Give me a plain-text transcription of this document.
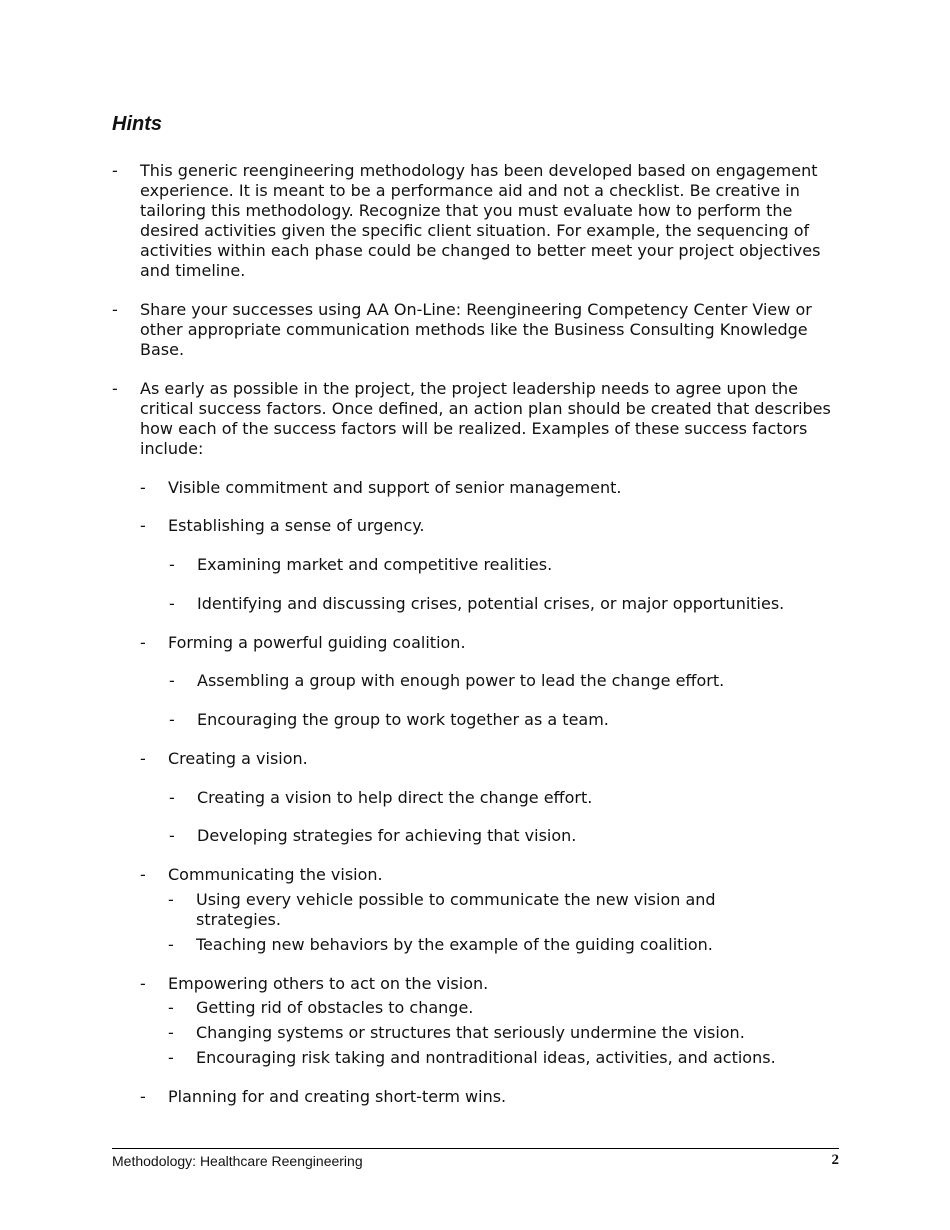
Hints
- This generic reengineering methodology has been developed based on engagement experience. It is meant to be a performance aid and not a checklist. Be creative in tailoring this methodology. Recognize that you must evaluate how to perform the desired activities given the specific client situation. For example, the sequencing of activities within each phase could be changed to better meet your project objectives and timeline.
- Share your successes using AA On-Line: Reengineering Competency Center View or other appropriate communication methods like the Business Consulting Knowledge Base.
- As early as possible in the project, the project leadership needs to agree upon the critical success factors. Once defined, an action plan should be created that describes how each of the success factors will be realized. Examples of these success factors include:
- Visible commitment and support of senior management.
- Establishing a sense of urgency.
- Examining market and competitive realities.
- Identifying and discussing crises, potential crises, or major opportunities.
- Forming a powerful guiding coalition.
- Assembling a group with enough power to lead the change effort.
- Encouraging the group to work together as a team.
- Creating a vision.
- Creating a vision to help direct the change effort.
- Developing strategies for achieving that vision.
- Communicating the vision.
- Using every vehicle possible to communicate the new vision and strategies.
- Teaching new behaviors by the example of the guiding coalition.
- Empowering others to act on the vision.
- Getting rid of obstacles to change.
- Changing systems or structures that seriously undermine the vision.
- Encouraging risk taking and nontraditional ideas, activities, and actions.
- Planning for and creating short-term wins.
Methodology: Healthcare Reengineering	2
